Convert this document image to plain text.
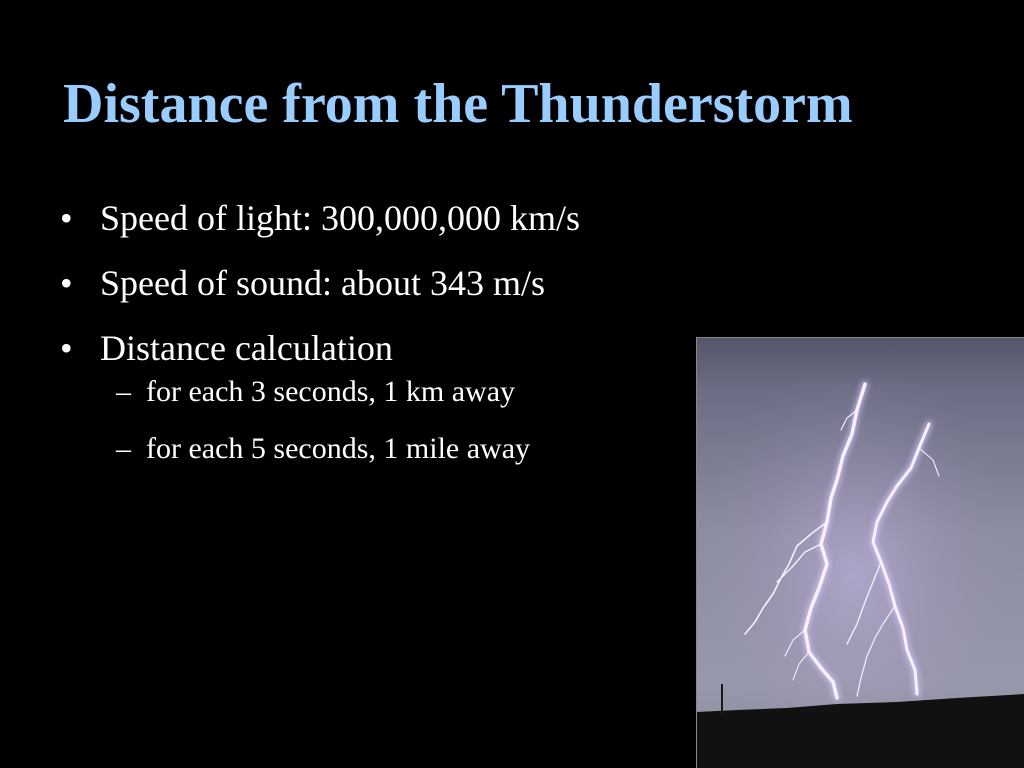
Distance from the Thunderstorm
• Speed of light: 300,000,000 km/s
• Speed of sound: about 343 m/s
• Distance calculation
– for each 3 seconds, 1 km away
– for each 5 seconds, 1 mile away
